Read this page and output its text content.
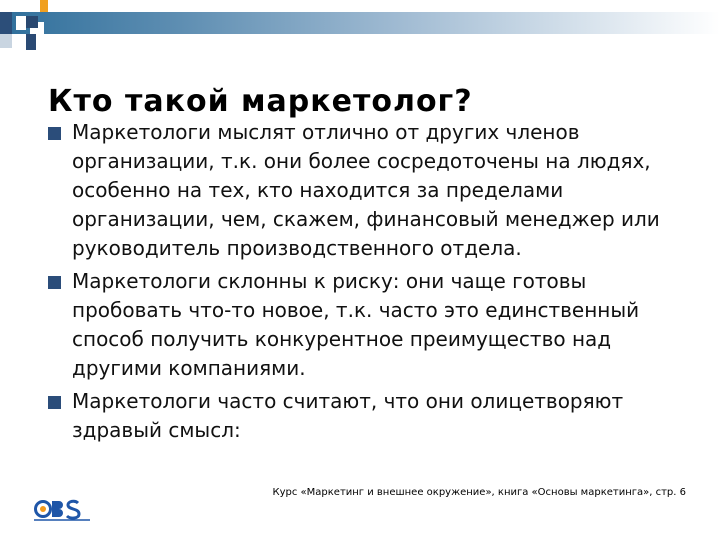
Кто такой маркетолог?
Маркетологи мыслят отлично от других членов организации, т.к. они более сосредоточены на людях, особенно на тех, кто находится за пределами организации, чем, скажем, финансовый менеджер или руководитель производственного отдела.
Маркетологи склонны к риску: они чаще готовы пробовать что-то новое, т.к. часто это единственный способ получить конкурентное преимущество над другими компаниями.
Маркетологи часто считают, что они олицетворяют здравый смысл:
Курс «Маркетинг и внешнее окружение», книга «Основы маркетинга», стр. 6
